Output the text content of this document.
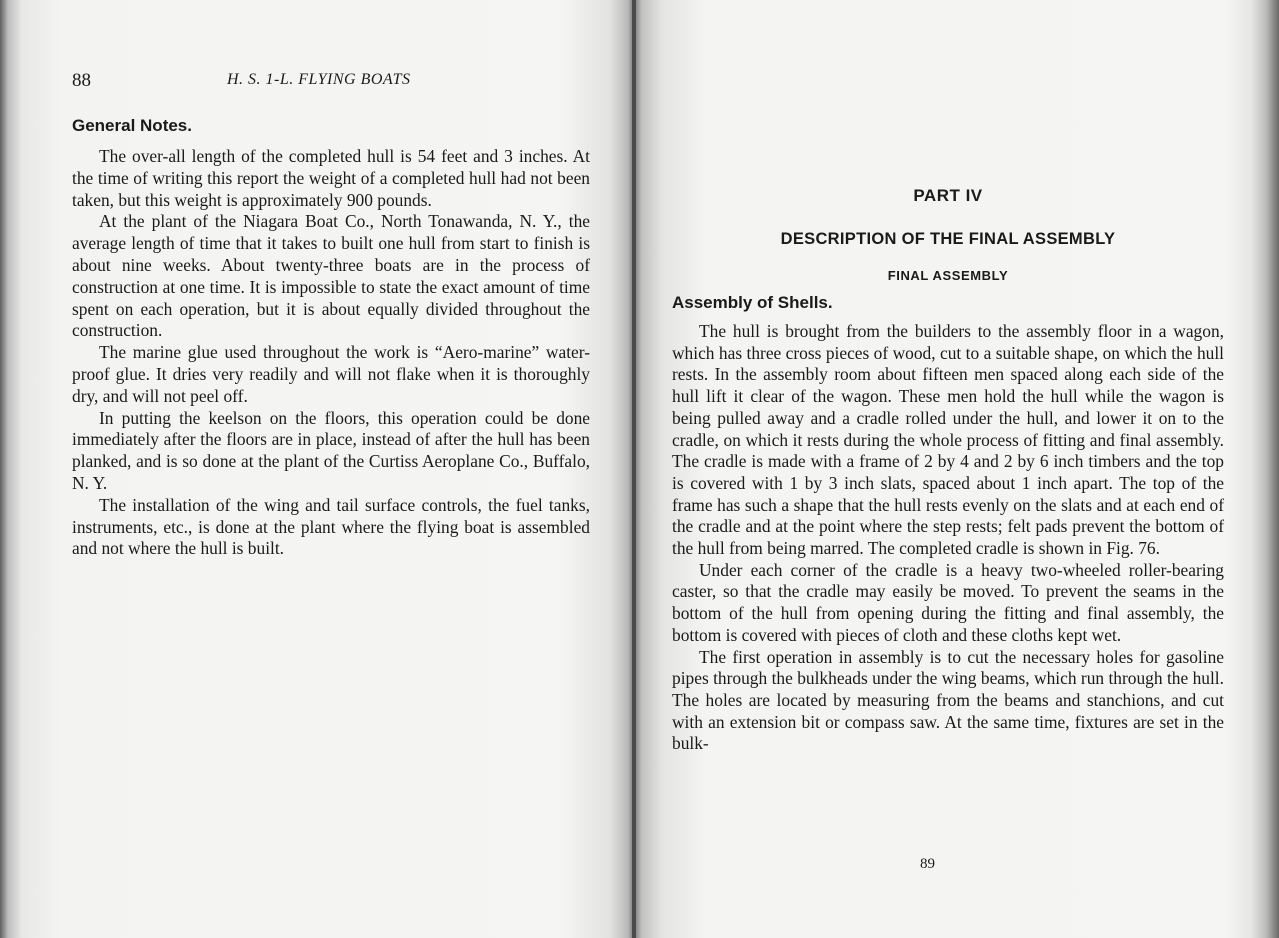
88	H. S. 1-L. FLYING BOATS
General Notes.

The over-all length of the completed hull is 54 feet and 3 inches. At the time of writing this report the weight of a completed hull had not been taken, but this weight is approximately 900 pounds.

At the plant of the Niagara Boat Co., North Tonawanda, N. Y., the average length of time that it takes to built one hull from start to finish is about nine weeks. About twenty-three boats are in the process of construction at one time. It is impossible to state the exact amount of time spent on each operation, but it is about equally divided throughout the construction.

The marine glue used throughout the work is “Aero-marine” water-proof glue. It dries very readily and will not flake when it is thoroughly dry, and will not peel off.

In putting the keelson on the floors, this operation could be done immediately after the floors are in place, instead of after the hull has been planked, and is so done at the plant of the Curtiss Aeroplane Co., Buffalo, N. Y.

The installation of the wing and tail surface controls, the fuel tanks, instruments, etc., is done at the plant where the flying boat is assembled and not where the hull is built.

PART IV
DESCRIPTION OF THE FINAL ASSEMBLY
FINAL ASSEMBLY
Assembly of Shells.

The hull is brought from the builders to the assembly floor in a wagon, which has three cross pieces of wood, cut to a suitable shape, on which the hull rests. In the assembly room about fifteen men spaced along each side of the hull lift it clear of the wagon. These men hold the hull while the wagon is being pulled away and a cradle rolled under the hull, and lower it on to the cradle, on which it rests during the whole process of fitting and final assembly. The cradle is made with a frame of 2 by 4 and 2 by 6 inch timbers and the top is covered with 1 by 3 inch slats, spaced about 1 inch apart. The top of the frame has such a shape that the hull rests evenly on the slats and at each end of the cradle and at the point where the step rests; felt pads prevent the bottom of the hull from being marred. The completed cradle is shown in Fig. 76.

Under each corner of the cradle is a heavy two-wheeled roller-bearing caster, so that the cradle may easily be moved. To prevent the seams in the bottom of the hull from opening during the fitting and final assembly, the bottom is covered with pieces of cloth and these cloths kept wet.

The first operation in assembly is to cut the necessary holes for gasoline pipes through the bulkheads under the wing beams, which run through the hull. The holes are located by measuring from the beams and stanchions, and cut with an extension bit or compass saw. At the same time, fixtures are set in the bulk-

89
